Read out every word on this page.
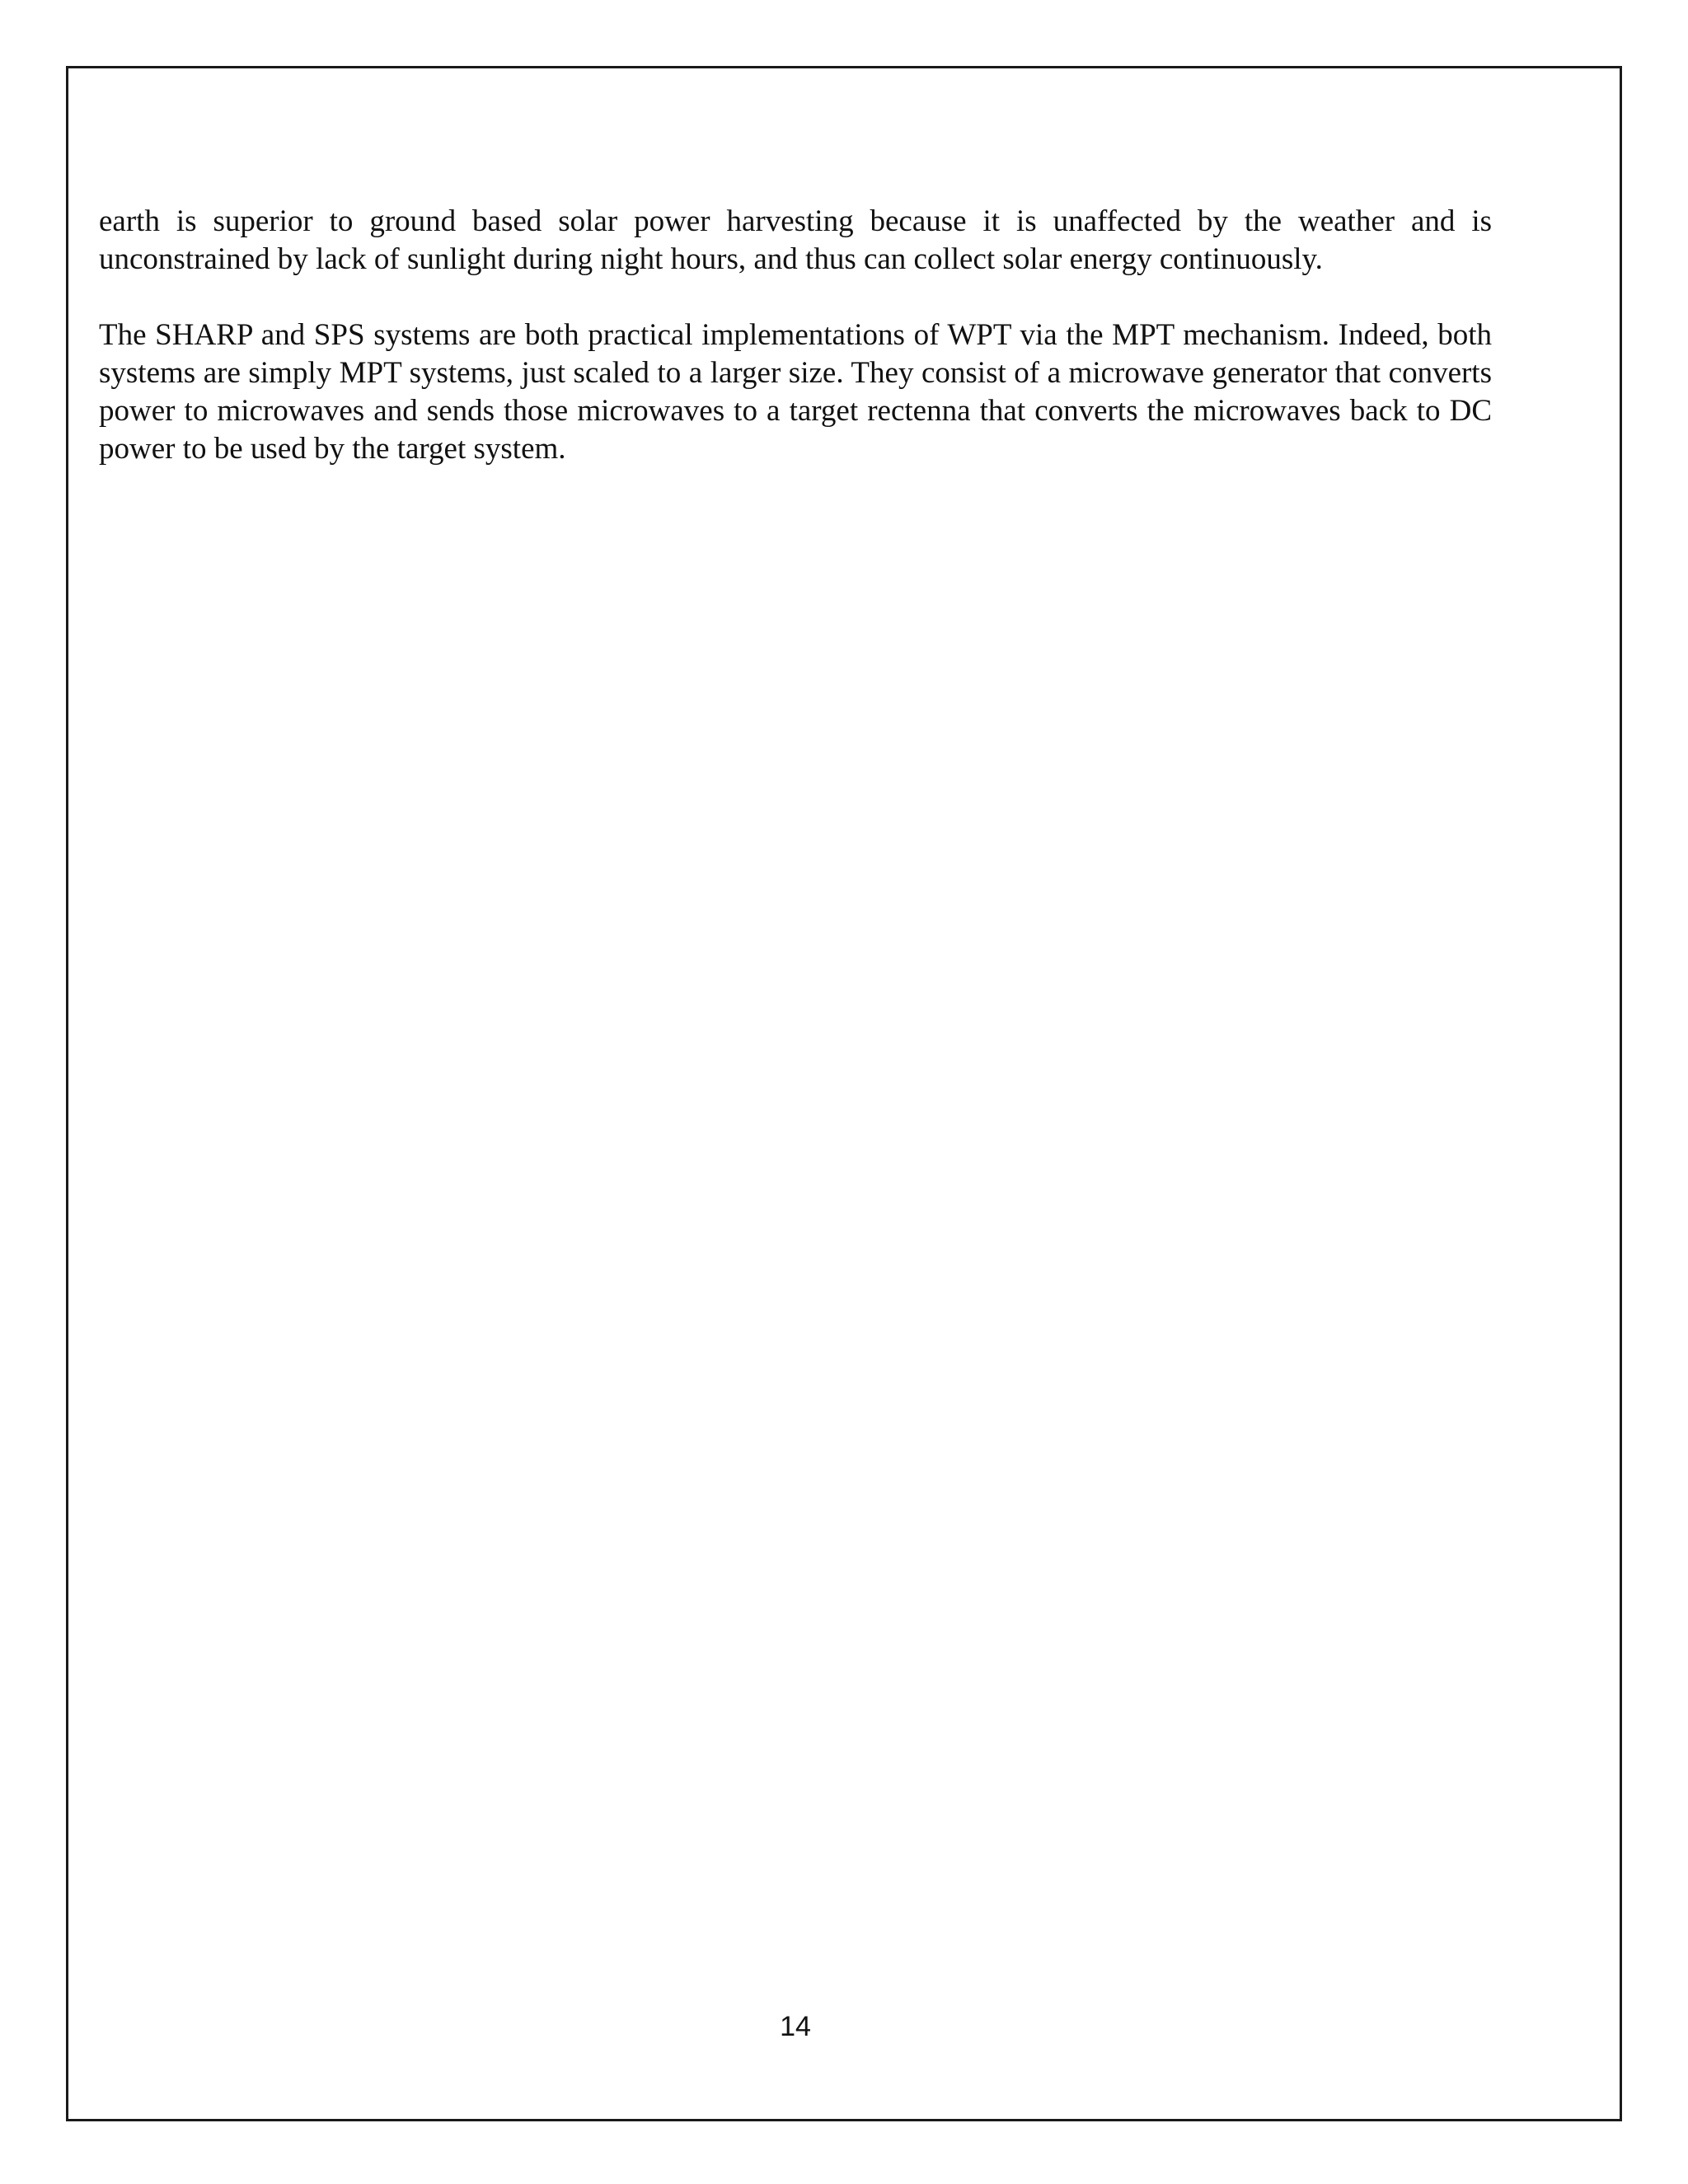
earth is superior to ground based solar power harvesting because it is unaffected by the weather and is unconstrained by lack of sunlight during night hours, and thus can collect solar energy continuously.

The SHARP and SPS systems are both practical implementations of WPT via the MPT mechanism. Indeed, both systems are simply MPT systems, just scaled to a larger size. They consist of a microwave generator that converts power to microwaves and sends those microwaves to a target rectenna that converts the microwaves back to DC power to be used by the target system.

14
